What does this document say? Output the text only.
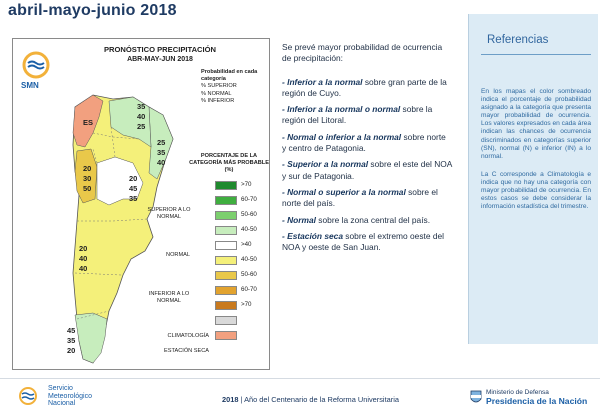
abril-mayo-junio 2018
SMN
PRONÓSTICO PRECIPITACIÓN
ABR-MAY-JUN 2018
Probabilidad en cada categoría
% SUPERIOR
% NORMAL
% INFERIOR
ES
35
40
25
25
35
40
20
30
50
20
45
35
20
40
40
45
35
20
PORCENTAJE DE LA CATEGORÍA MÁS PROBABLE (%)
>70
60-70
50-60
40-50
>40
40-50
50-60
60-70
>70
SUPERIOR A LO NORMAL
NORMAL
INFERIOR A LO NORMAL
CLIMATOLOGÍA
ESTACIÓN SECA

Se prevé mayor probabilidad de ocurrencia de precipitación:

- Inferior a la normal sobre gran parte de la región de Cuyo.

- Inferior a la normal o normal sobre la región del Litoral.

- Normal o inferior a la normal sobre norte y centro de Patagonia.

- Superior a la normal sobre el este del NOA y sur de Patagonia.

- Normal o superior a la normal sobre el norte del país.

- Normal sobre la zona central del país.

- Estación seca sobre el extremo oeste del NOA y oeste de San Juan.

Referencias

En los mapas el color sombreado indica el porcentaje de probabilidad asignado a la categoría que presenta mayor probabilidad de ocurrencia. Los valores expresados en cada área indican las chances de ocurrencia discriminados en categorías superior (SN), normal (N) e inferior (IN) a lo normal.

La C corresponde a Climatología e indica que no hay una categoría con mayor probabilidad de ocurrencia. En estos casos se debe considerar la información estadística del trimestre.

Servicio
Meteorológico
Nacional	2018 | Año del Centenario de la Reforma Universitaria
Ministerio de Defensa
Presidencia de la Nación
